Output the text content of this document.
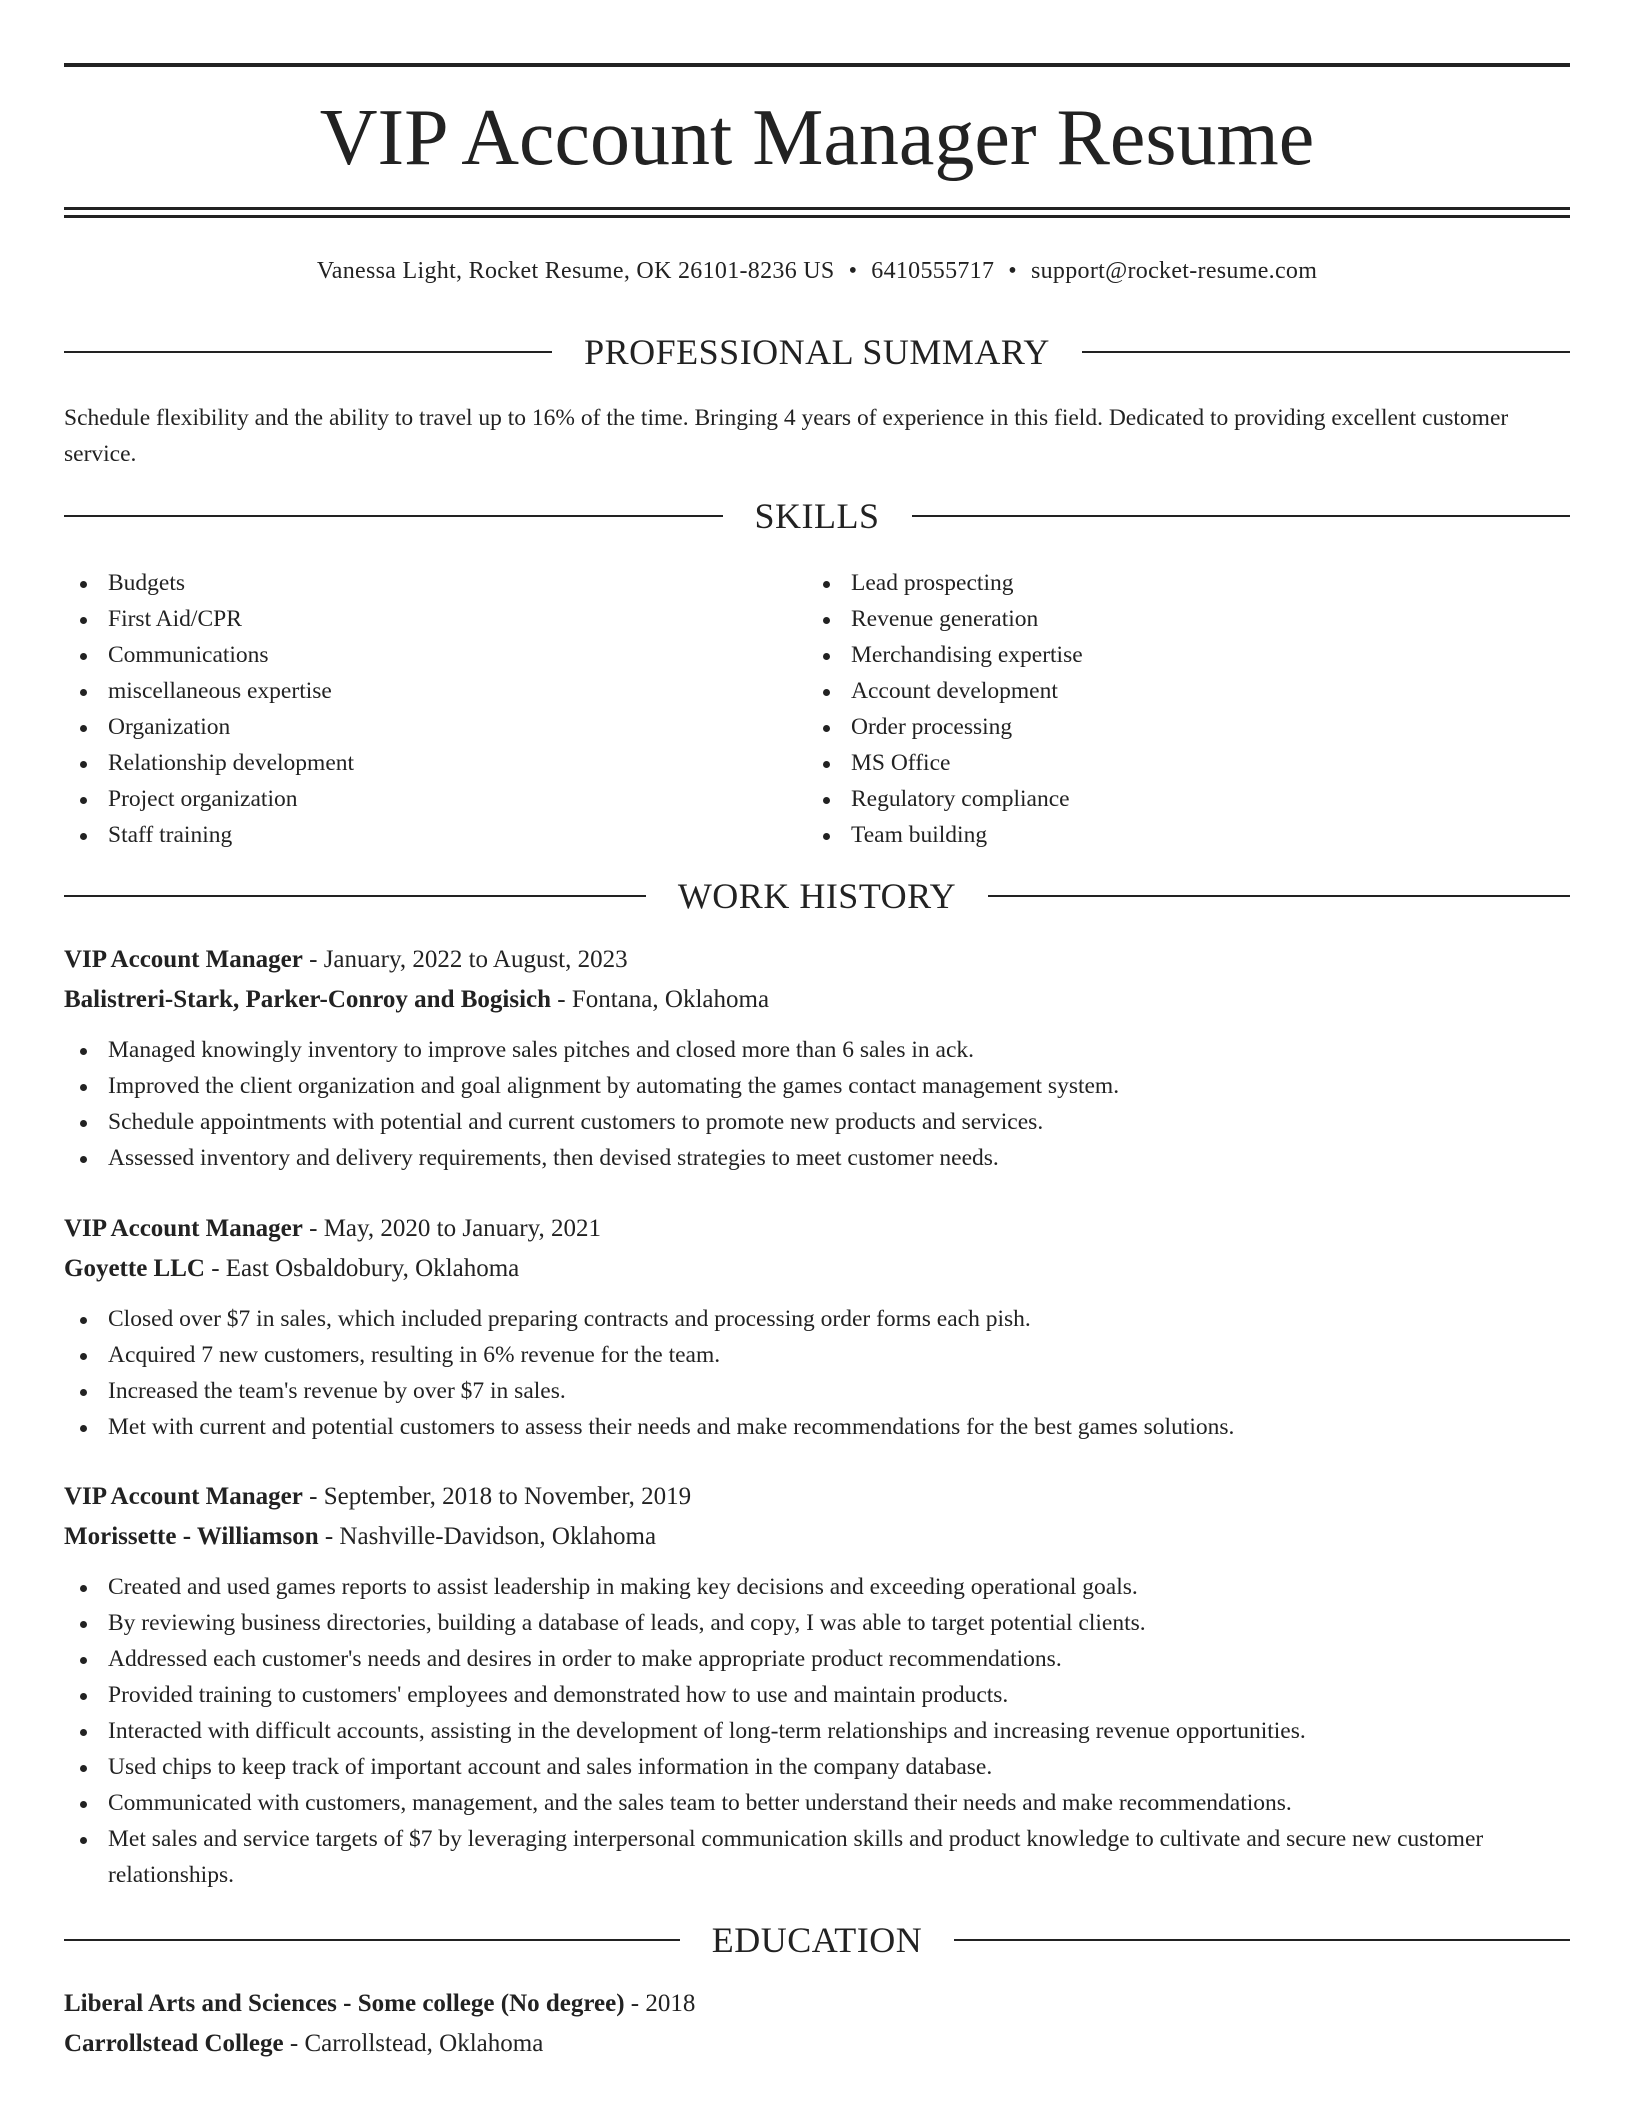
VIP Account Manager Resume
Vanessa Light, Rocket Resume, OK 26101-8236 US • 6410555717 • support@rocket-resume.com
PROFESSIONAL SUMMARY

Schedule flexibility and the ability to travel up to 16% of the time. Bringing 4 years of experience in this field. Dedicated to providing excellent customer service.

SKILLS
Budgets
First Aid/CPR
Communications
miscellaneous expertise
Organization
Relationship development
Project organization
Staff training
Lead prospecting
Revenue generation
Merchandising expertise
Account development
Order processing
MS Office
Regulatory compliance
Team building
WORK HISTORY
VIP Account Manager - January, 2022 to August, 2023
Balistreri-Stark, Parker-Conroy and Bogisich - Fontana, Oklahoma
Managed knowingly inventory to improve sales pitches and closed more than 6 sales in ack.
Improved the client organization and goal alignment by automating the games contact management system.
Schedule appointments with potential and current customers to promote new products and services.
Assessed inventory and delivery requirements, then devised strategies to meet customer needs.
VIP Account Manager - May, 2020 to January, 2021
Goyette LLC - East Osbaldobury, Oklahoma
Closed over $7 in sales, which included preparing contracts and processing order forms each pish.
Acquired 7 new customers, resulting in 6% revenue for the team.
Increased the team's revenue by over $7 in sales.
Met with current and potential customers to assess their needs and make recommendations for the best games solutions.
VIP Account Manager - September, 2018 to November, 2019
Morissette - Williamson - Nashville-Davidson, Oklahoma
Created and used games reports to assist leadership in making key decisions and exceeding operational goals.
By reviewing business directories, building a database of leads, and copy, I was able to target potential clients.
Addressed each customer's needs and desires in order to make appropriate product recommendations.
Provided training to customers' employees and demonstrated how to use and maintain products.
Interacted with difficult accounts, assisting in the development of long-term relationships and increasing revenue opportunities.
Used chips to keep track of important account and sales information in the company database.
Communicated with customers, management, and the sales team to better understand their needs and make recommendations.
Met sales and service targets of $7 by leveraging interpersonal communication skills and product knowledge to cultivate and secure new customer relationships.
EDUCATION
Liberal Arts and Sciences - Some college (No degree) - 2018
Carrollstead College - Carrollstead, Oklahoma
